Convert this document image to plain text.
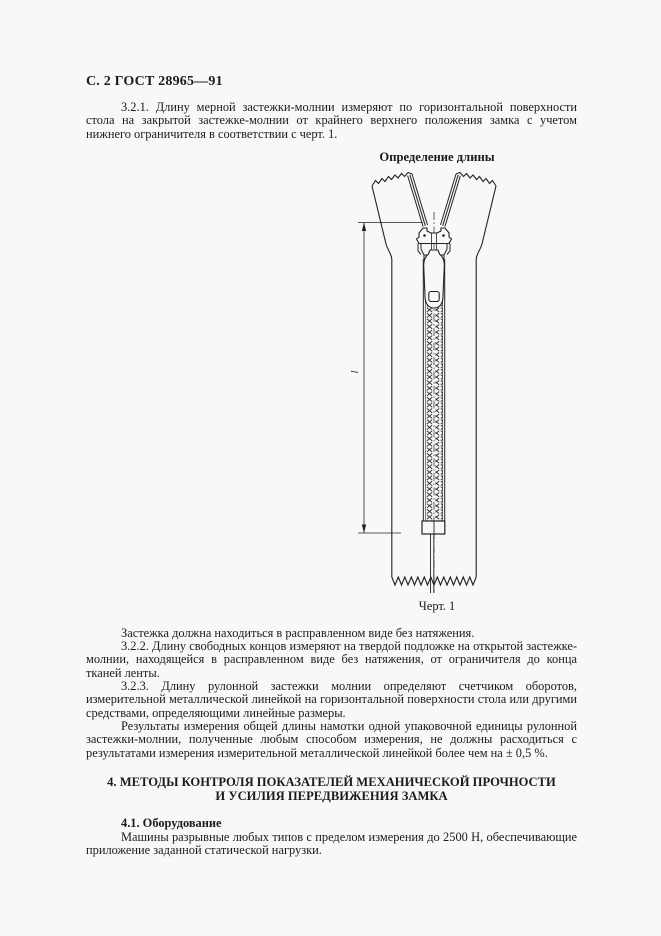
С. 2 ГОСТ 28965—91

3.2.1. Длину мерной застежки-молнии измеряют по горизонтальной поверхности стола на закрытой застежке-молнии от крайнего верхнего положения замка с учетом нижнего ограничителя в соответствии с черт. 1.

Определение длины
l
Черт. 1

Застежка должна находиться в расправленном виде без натяжения.

3.2.2. Длину свободных концов измеряют на твердой подложке на открытой застежке-молнии, находящейся в расправленном виде без натяжения, от ограничителя до конца тканей ленты.

3.2.3. Длину рулонной застежки молнии определяют счетчиком оборотов, измерительной металлической линейкой на горизонтальной поверхности стола или другими средствами, определяющими линейные размеры.

Результаты измерения общей длины намотки одной упаковочной единицы рулонной застежки-молнии, полученные любым способом измерения, не должны расходиться с результатами измерения измерительной металлической линейкой более чем на ± 0,5 %.

4. МЕТОДЫ КОНТРОЛЯ ПОКАЗАТЕЛЕЙ МЕХАНИЧЕСКОЙ ПРОЧНОСТИ
И УСИЛИЯ ПЕРЕДВИЖЕНИЯ ЗАМКА
4.1. Оборудование

Машины разрывные любых типов с пределом измерения до 2500 Н, обеспечивающие приложение заданной статической нагрузки.
